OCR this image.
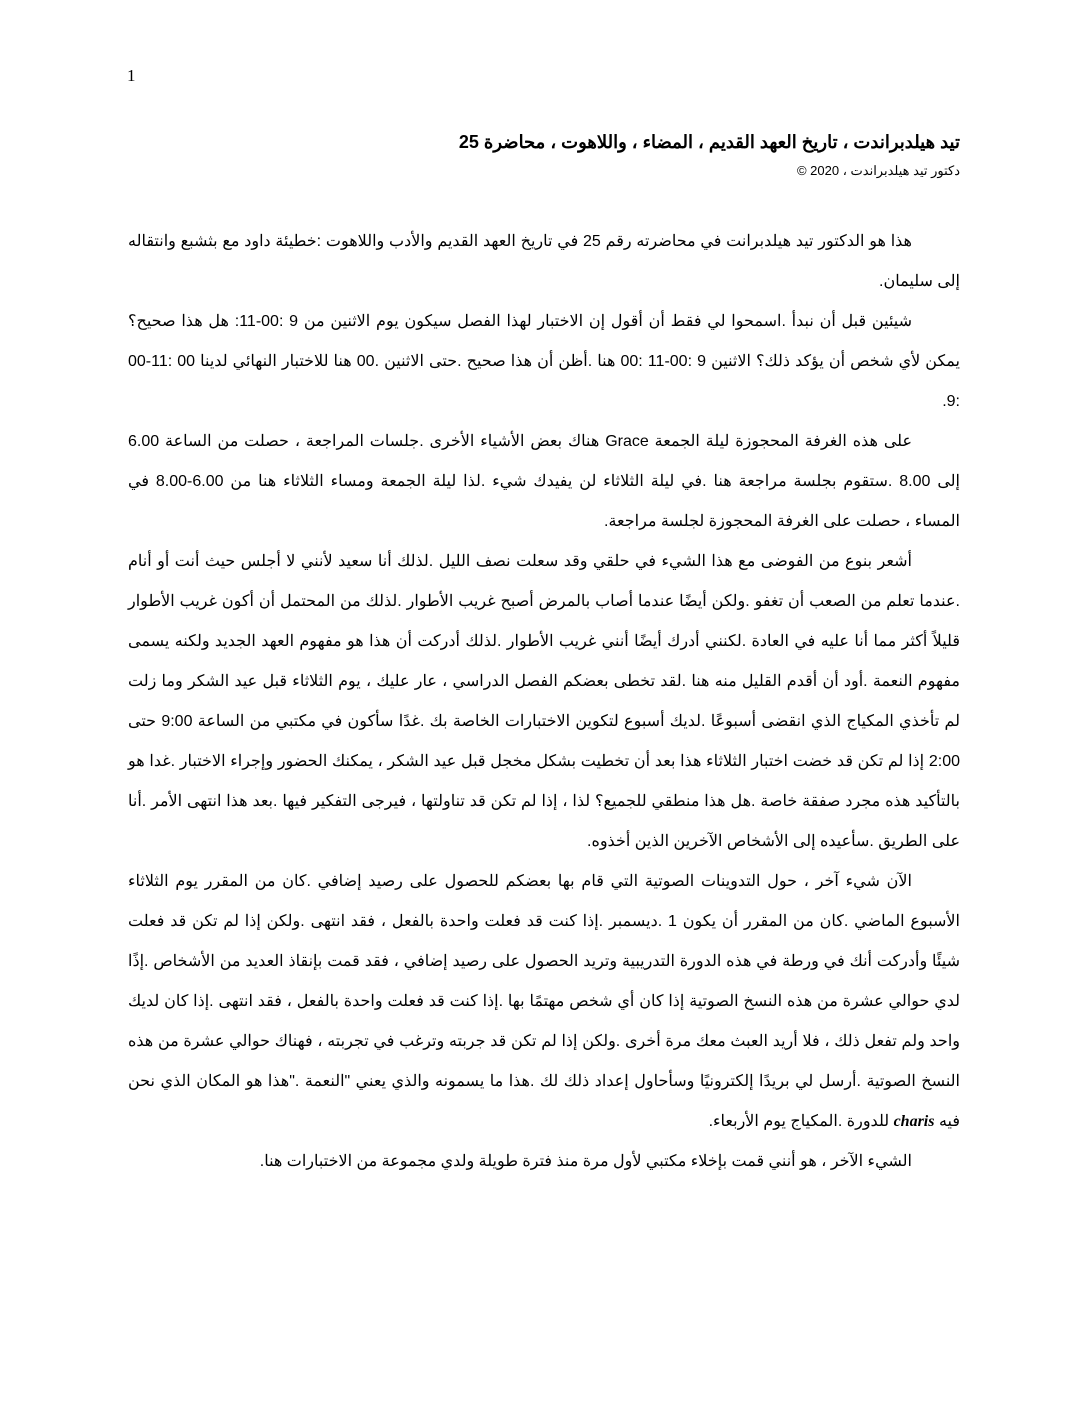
1
تيد هيلدبراندت ، تاريخ العهد القديم ، المضاء ، واللاهوت ، محاضرة 25
دكتور تيد هيلدبراندت ، 2020 ©

هذا هو الدكتور تيد هيلدبرانت في محاضرته رقم 25 في تاريخ العهد القديم والأدب واللاهوت :خطيئة داود مع بثشبع وانتقاله إلى سليمان.

شيئين قبل أن نبدأ .اسمحوا لي فقط أن أقول إن الاختبار لهذا الفصل سيكون يوم الاثنين من 9 :00-11: هل هذا صحيح؟ يمكن لأي شخص أن يؤكد ذلك؟ الاثنين 9 :00-11 :00 هنا .أظن أن هذا صحيح .حتى الاثنين .00 هنا للاختبار النهائي لدينا 00 :11-00 :9.

على هذه الغرفة المحجوزة ليلة الجمعة Grace هناك بعض الأشياء الأخرى .جلسات المراجعة ، حصلت من الساعة 6.00 إلى 8.00 .ستقوم بجلسة مراجعة هنا .في ليلة الثلاثاء لن يفيدك شيء .لذا ليلة الجمعة ومساء الثلاثاء هنا من 6.00-8.00 في المساء ، حصلت على الغرفة المحجوزة لجلسة مراجعة.

أشعر بنوع من الفوضى مع هذا الشيء في حلقي وقد سعلت نصف الليل .لذلك أنا سعيد لأنني لا أجلس حيث أنت أو أنام .عندما تعلم من الصعب أن تغفو .ولكن أيضًا عندما أصاب بالمرض أصبح غريب الأطوار .لذلك من المحتمل أن أكون غريب الأطوار قليلاً أكثر مما أنا عليه في العادة .لكنني أدرك أيضًا أنني غريب الأطوار .لذلك أدركت أن هذا هو مفهوم العهد الجديد ولكنه يسمى مفهوم النعمة .أود أن أقدم القليل منه هنا .لقد تخطى بعضكم الفصل الدراسي ، عار عليك ، يوم الثلاثاء قبل عيد الشكر وما زلت لم تأخذي المكياج الذي انقضى أسبوعًا .لديك أسبوع لتكوين الاختبارات الخاصة بك .غدًا سأكون في مكتبي من الساعة 9:00 حتى 2:00 إذا لم تكن قد خضت اختبار الثلاثاء هذا بعد أن تخطيت بشكل مخجل قبل عيد الشكر ، يمكنك الحضور وإجراء الاختبار .غدا هو بالتأكيد هذه مجرد صفقة خاصة .هل هذا منطقي للجميع؟ لذا ، إذا لم تكن قد تناولتها ، فيرجى التفكير فيها .بعد هذا انتهى الأمر .أنا على الطريق .سأعيده إلى الأشخاص الآخرين الذين أخذوه.

الآن شيء آخر ، حول التدوينات الصوتية التي قام بها بعضكم للحصول على رصيد إضافي .كان من المقرر يوم الثلاثاء الأسبوع الماضي .كان من المقرر أن يكون 1 .ديسمبر .إذا كنت قد فعلت واحدة بالفعل ، فقد انتهى .ولكن إذا لم تكن قد فعلت شيئًا وأدركت أنك في ورطة في هذه الدورة التدريبية وتريد الحصول على رصيد إضافي ، فقد قمت بإنقاذ العديد من الأشخاص .إذًا لدي حوالي عشرة من هذه النسخ الصوتية إذا كان أي شخص مهتمًا بها .إذا كنت قد فعلت واحدة بالفعل ، فقد انتهى .إذا كان لديك واحد ولم تفعل ذلك ، فلا أريد العبث معك مرة أخرى .ولكن إذا لم تكن قد جربته وترغب في تجربته ، فهناك حوالي عشرة من هذه النسخ الصوتية .أرسل لي بريدًا إلكترونيًا وسأحاول إعداد ذلك لك .هذا ما يسمونه والذي يعني "النعمة ."هذا هو المكان الذي نحن فيه charis للدورة .المكياج يوم الأربعاء.

الشيء الآخر ، هو أنني قمت بإخلاء مكتبي لأول مرة منذ فترة طويلة ولدي مجموعة من الاختبارات هنا.
